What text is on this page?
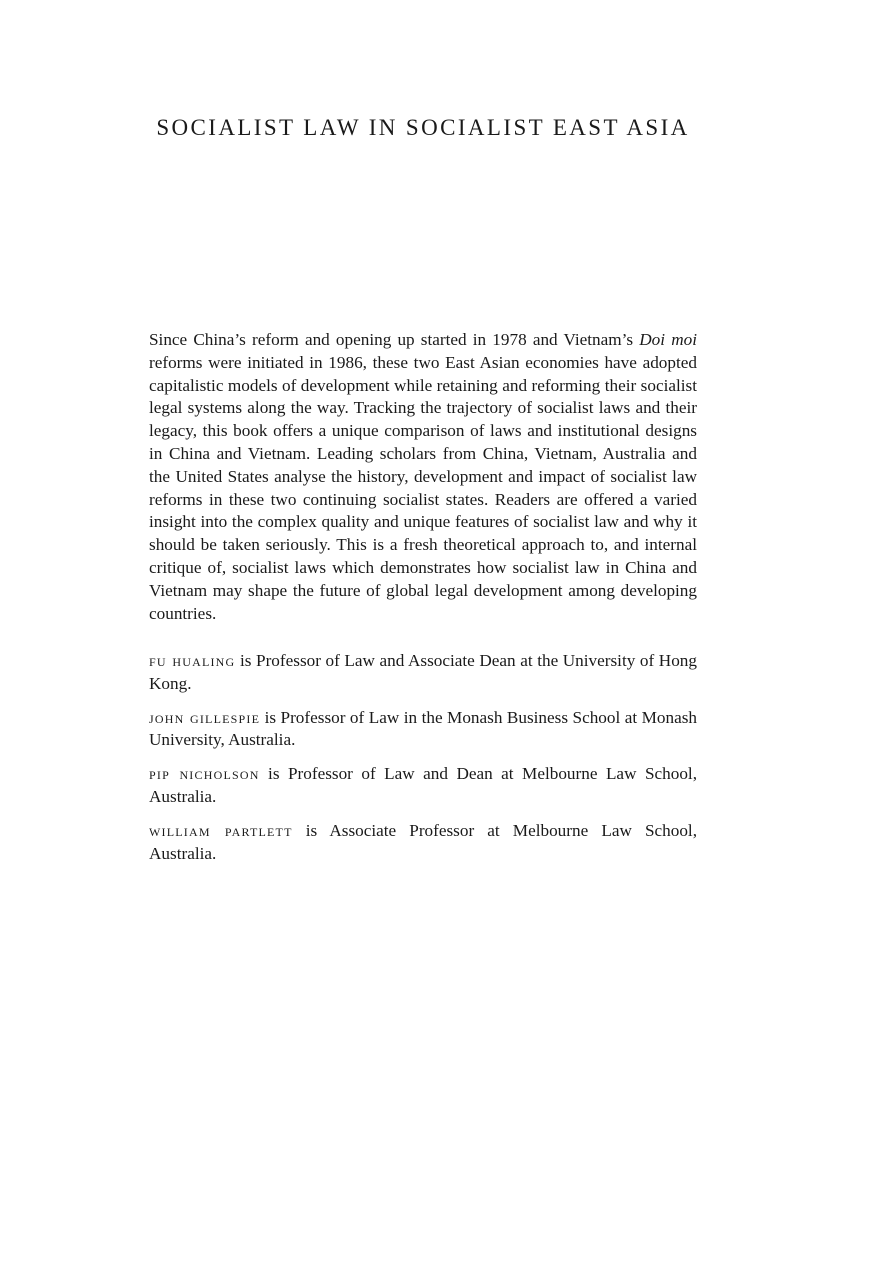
SOCIALIST LAW IN SOCIALIST EAST ASIA

Since China’s reform and opening up started in 1978 and Vietnam’s Doi moi reforms were initiated in 1986, these two East Asian economies have adopted capitalistic models of development while retaining and reforming their socialist legal systems along the way. Tracking the trajectory of socialist laws and their legacy, this book offers a unique comparison of laws and institutional designs in China and Vietnam. Leading scholars from China, Vietnam, Australia and the United States analyse the history, development and impact of socialist law reforms in these two continuing socialist states. Readers are offered a varied insight into the complex quality and unique features of socialist law and why it should be taken seriously. This is a fresh theoretical approach to, and internal critique of, socialist laws which demonstrates how socialist law in China and Vietnam may shape the future of global legal development among developing countries.

fu hualing is Professor of Law and Associate Dean at the University of Hong Kong.

john gillespie is Professor of Law in the Monash Business School at Monash University, Australia.

pip nicholson is Professor of Law and Dean at Melbourne Law School, Australia.

william partlett is Associate Professor at Melbourne Law School, Australia.
